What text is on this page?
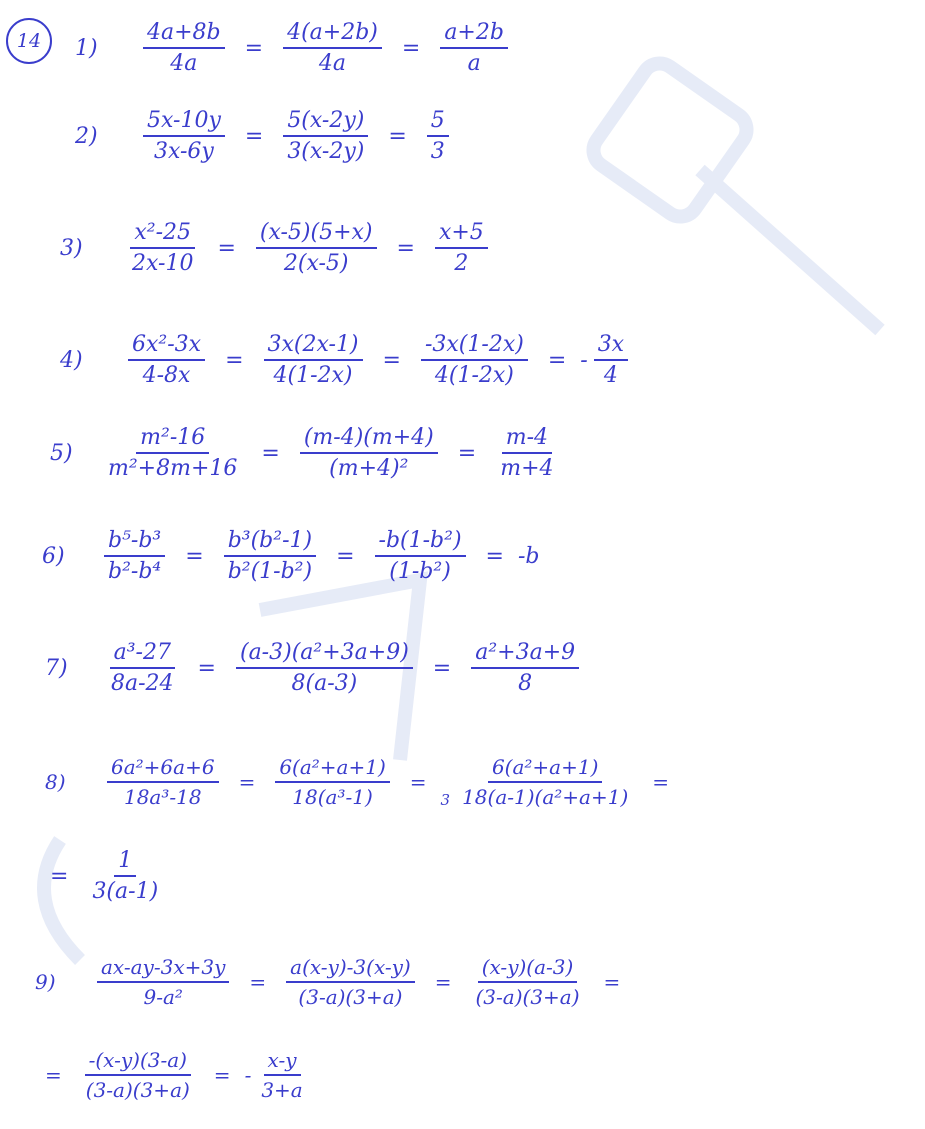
14 1)	$\frac{4a+8b}{4a} = \frac{4(a+2b)}{4a} = \frac{a+2b}{a}$
2)	$\frac{5x-10y}{3x-6y} = \frac{5(x-2y)}{3(x-2y)} = \frac{5}{3}$
3)	$\frac{\text{x²-25}}{2x-10} = \frac{(x-5)(5+x)}{2(x-5)} = \frac{x+5}{2}$
4)	$\frac{\text{6x²-3x}}{4-8x} = \frac{3x(2x-1)}{4(1-2x)} = \frac{-3x(1-2x)}{4(1-2x)}$ = - $\frac{3x}{4}$
5)	$\frac{\text{m²-16}}{\text{m²+8m+16}} = \frac{(m-4)(m+4)}{\text{(m+4)²}} = \frac{m-4}{m+4}$
6)	$\frac{\text{b⁵-b³}}{\text{b²-b⁴}} = \frac{\text{b³(b²-1)}}{\text{b²(1-b²)}} = \frac{\text{-b(1-b²)}}{\text{(1-b²)}} = -b$
7)	$\frac{\text{a³-27}}{8a-24} = \frac{\text{(a-3)(a²+3a+9)}}{8(a-3)} = \frac{\text{a²+3a+9}}{8}$
8)	$\frac{\text{6a²+6a+6}}{\text{18a³-18}} = \frac{\text{6(a²+a+1)}}{\text{18(a³-1)}}$ =
$3 \frac{\text{6(a²+a+1)}}{\text{18(a-1)(a²+a+1)}}$ =
= $\frac{1}{3(a-1)}$
9)	$\frac{ax-ay-3x+3y}{\text{9-a²}} = \frac{a(x-y)-3(x-y)}{(3-a)(3+a)} = \frac{(x-y)(a-3)}{(3-a)(3+a)}$ =
= $\frac{-(x-y)(3-a)}{(3-a)(3+a)}$ = - $\frac{x-y}{3+a}$
